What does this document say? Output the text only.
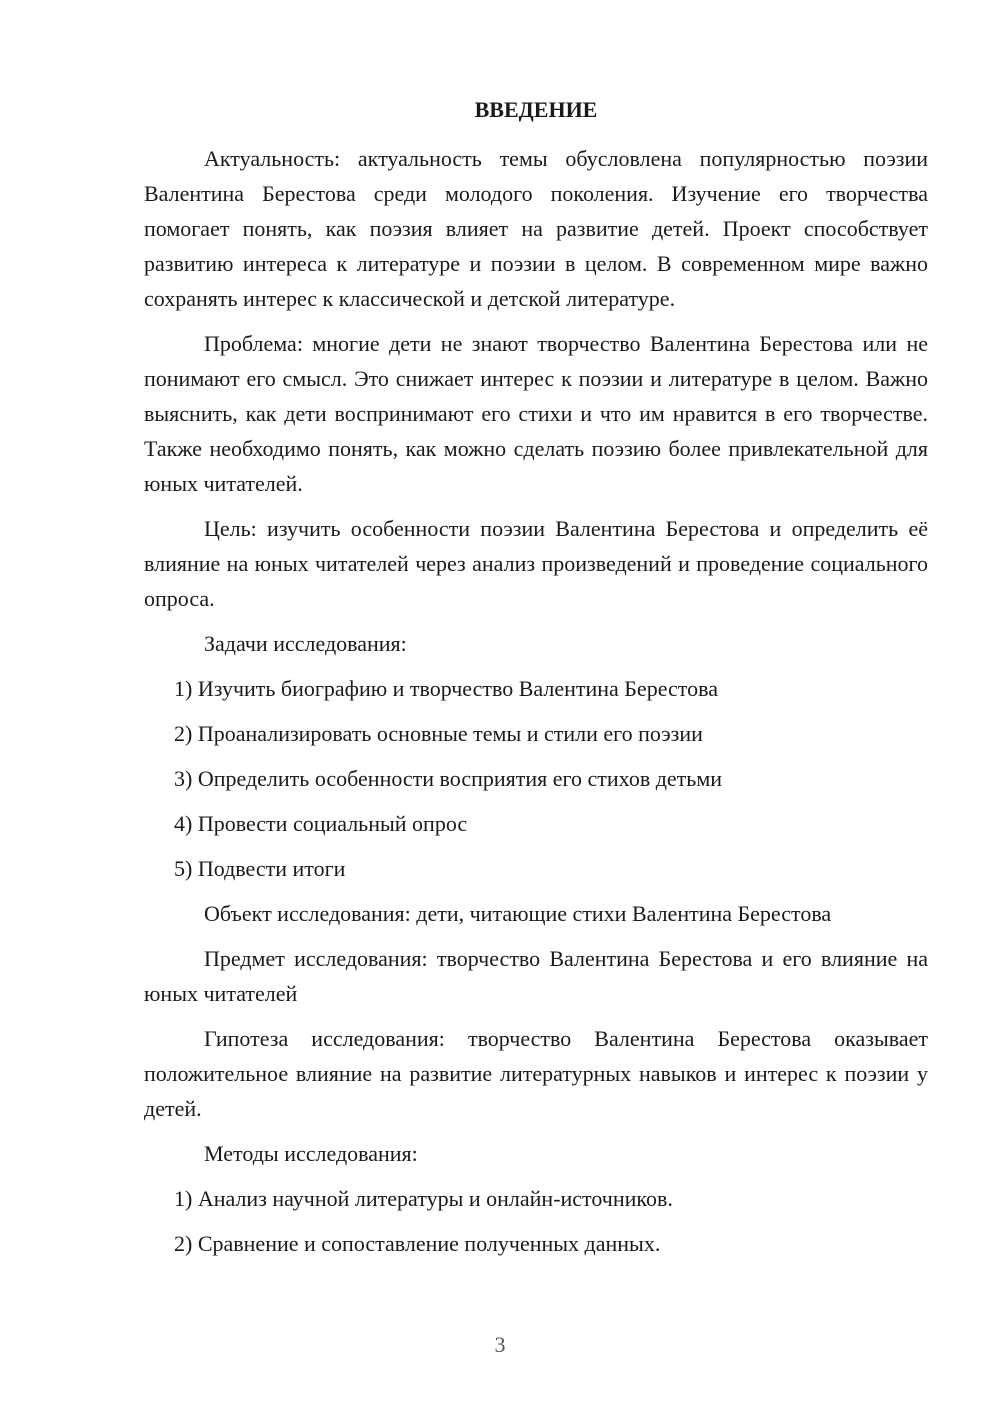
ВВЕДЕНИЕ

Актуальность: актуальность темы обусловлена популярностью поэзии Валентина Берестова среди молодого поколения. Изучение его творчества помогает понять, как поэзия влияет на развитие детей. Проект способствует развитию интереса к литературе и поэзии в целом. В современном мире важно сохранять интерес к классической и детской литературе.

Проблема: многие дети не знают творчество Валентина Берестова или не понимают его смысл. Это снижает интерес к поэзии и литературе в целом. Важно выяснить, как дети воспринимают его стихи и что им нравится в его творчестве. Также необходимо понять, как можно сделать поэзию более привлекательной для юных читателей.

Цель: изучить особенности поэзии Валентина Берестова и определить её влияние на юных читателей через анализ произведений и проведение социального опроса.

Задачи исследования:

1) Изучить биографию и творчество Валентина Берестова

2) Проанализировать основные темы и стили его поэзии

3) Определить особенности восприятия его стихов детьми

4) Провести социальный опрос

5) Подвести итоги

Объект исследования: дети, читающие стихи Валентина Берестова

Предмет исследования: творчество Валентина Берестова и его влияние на юных читателей

Гипотеза исследования: творчество Валентина Берестова оказывает положительное влияние на развитие литературных навыков и интерес к поэзии у детей.

Методы исследования:

1) Анализ научной литературы и онлайн-источников.

2) Сравнение и сопоставление полученных данных.

3
